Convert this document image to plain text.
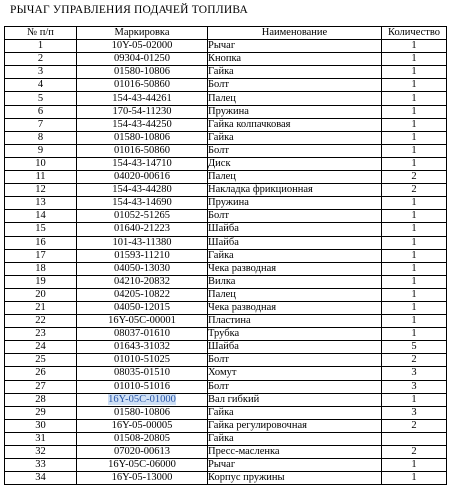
РЫЧАГ УПРАВЛЕНИЯ ПОДАЧЕЙ ТОПЛИВА
№ п/п	Маркировка	Наименование	Количество
1	10Y-05-02000	Рычаг	1
2	09304-01250	Кнопка	1
3	01580-10806	Гайка	1
4	01016-50860	Болт	1
5	154-43-44261	Палец	1
6	170-54-11230	Пружина	1
7	154-43-44250	Гайка колпачковая	1
8	01580-10806	Гайка	1
9	01016-50860	Болт	1
10	154-43-14710	Диск	1
11	04020-00616	Палец	2
12	154-43-44280	Накладка фрикционная	2
13	154-43-14690	Пружина	1
14	01052-51265	Болт	1
15	01640-21223	Шайба	1
16	101-43-11380	Шайба	1
17	01593-11210	Гайка	1
18	04050-13030	Чека разводная	1
19	04210-20832	Вилка	1
20	04205-10822	Палец	1
21	04050-12015	Чека разводная	1
22	16Y-05C-00001	Пластина	1
23	08037-01610	Трубка	1
24	01643-31032	Шайба	5
25	01010-51025	Болт	2
26	08035-01510	Хомут	3
27	01010-51016	Болт	3
28	16Y-05C-01000	Вал гибкий	1
29	01580-10806	Гайка	3
30	16Y-05-00005	Гайка регулировочная	2
31	01508-20805	Гайка	
32	07020-00613	Пресс-масленка	2
33	16Y-05C-06000	Рычаг	1
34	16Y-05-13000	Корпус пружины	1
